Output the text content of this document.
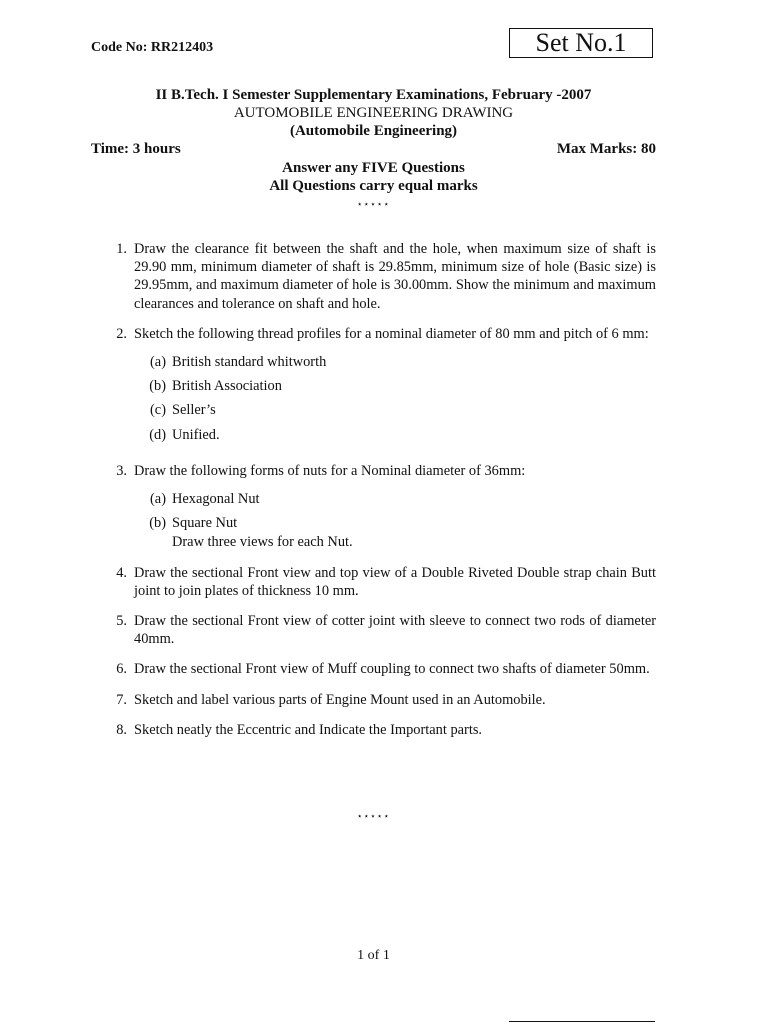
Code No: RR212403	Set No.1
II B.Tech. I Semester Supplementary Examinations, February -2007
AUTOMOBILE ENGINEERING DRAWING
(Automobile Engineering)
Time: 3 hours	Max Marks: 80
Answer any FIVE Questions
All Questions carry equal marks
⋆⋆⋆⋆⋆
1. Draw the clearance fit between the shaft and the hole, when maximum size of shaft is 29.90 mm, minimum diameter of shaft is 29.85mm, minimum size of hole (Basic size) is 29.95mm, and maximum diameter of hole is 30.00mm. Show the minimum and maximum clearances and tolerance on shaft and hole.
2. Sketch the following thread profiles for a nominal diameter of 80 mm and pitch of 6 mm:
(a) British standard whitworth
(b) British Association
(c) Seller’s
(d) Unified.
3. Draw the following forms of nuts for a Nominal diameter of 36mm:
(a) Hexagonal Nut
(b) Square Nut
Draw three views for each Nut.
4. Draw the sectional Front view and top view of a Double Riveted Double strap chain Butt joint to join plates of thickness 10 mm.
5. Draw the sectional Front view of cotter joint with sleeve to connect two rods of diameter 40mm.
6. Draw the sectional Front view of Muff coupling to connect two shafts of diameter 50mm.
7. Sketch and label various parts of Engine Mount used in an Automobile.
8. Sketch neatly the Eccentric and Indicate the Important parts.
⋆⋆⋆⋆⋆
1 of 1
